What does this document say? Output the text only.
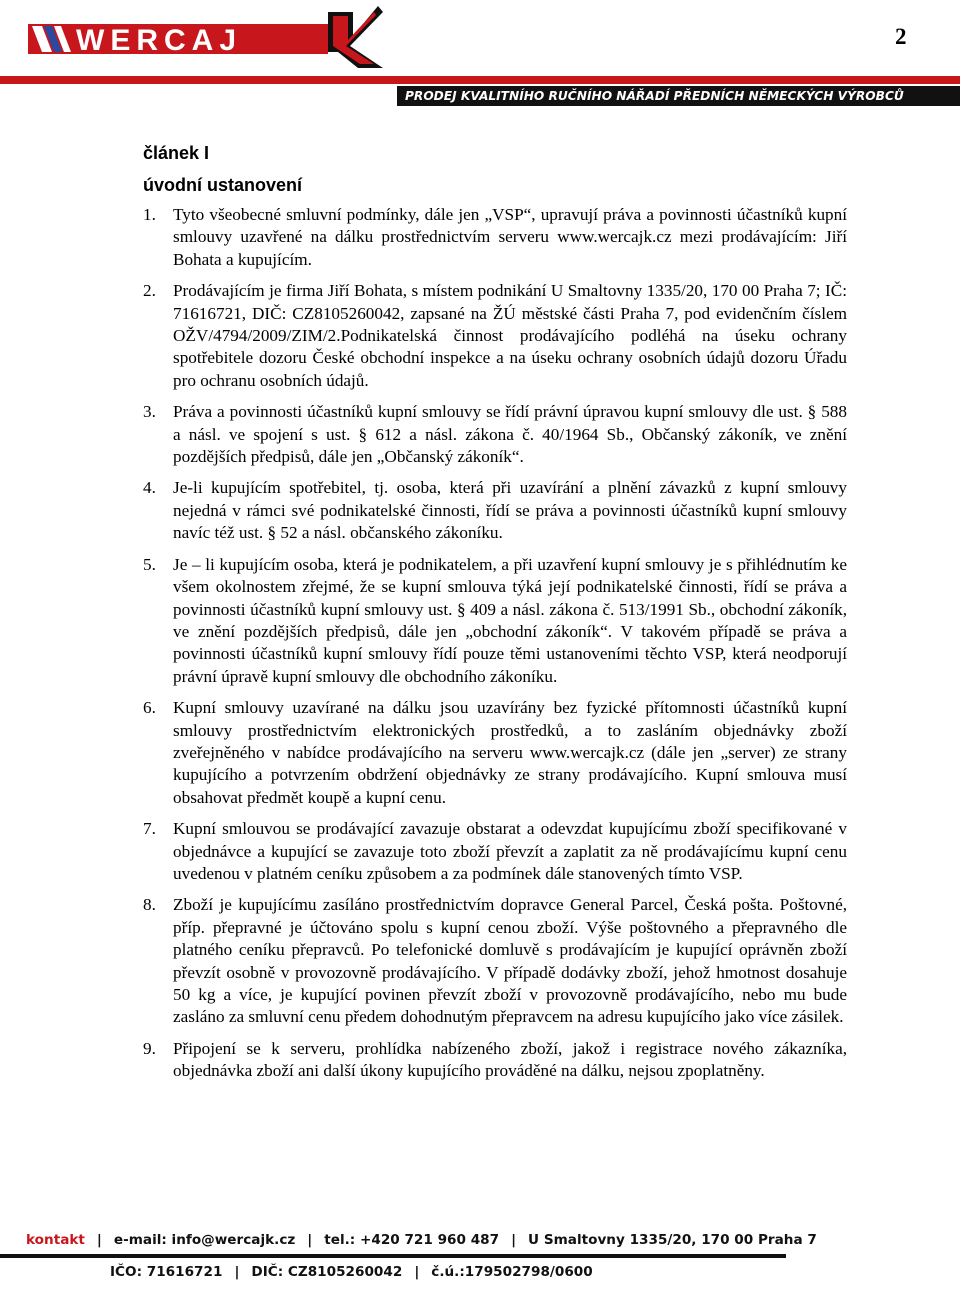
WERCAJ	2
PRODEJ KVALITNÍHO RUČNÍHO NÁŘADÍ PŘEDNÍCH NĚMECKÝCH VÝROBCŮ
článek I
úvodní ustanovení
1. Tyto všeobecné smluvní podmínky, dále jen „VSP“, upravují práva a povinnosti účastníků kupní smlouvy uzavřené na dálku prostřednictvím serveru www.wercajk.cz mezi prodávajícím: Jiří Bohata a kupujícím.
2. Prodávajícím je firma Jiří Bohata, s místem podnikání U Smaltovny 1335/20, 170 00 Praha 7; IČ: 71616721, DIČ: CZ8105260042, zapsané na ŽÚ městské části Praha 7, pod evidenčním číslem OŽV/4794/2009/ZIM/2.Podnikatelská činnost prodávajícího podléhá na úseku ochrany spotřebitele dozoru České obchodní inspekce a na úseku ochrany osobních údajů dozoru Úřadu pro ochranu osobních údajů.
3. Práva a povinnosti účastníků kupní smlouvy se řídí právní úpravou kupní smlouvy dle ust. § 588 a násl. ve spojení s ust. § 612 a násl. zákona č. 40/1964 Sb., Občanský zákoník, ve znění pozdějších předpisů, dále jen „Občanský zákoník“.
4. Je-li kupujícím spotřebitel, tj. osoba, která při uzavírání a plnění závazků z kupní smlouvy nejedná v rámci své podnikatelské činnosti, řídí se práva a povinnosti účastníků kupní smlouvy navíc též ust. § 52 a násl. občanského zákoníku.
5. Je – li kupujícím osoba, která je podnikatelem, a při uzavření kupní smlouvy je s přihlédnutím ke všem okolnostem zřejmé, že se kupní smlouva týká její podnikatelské činnosti, řídí se práva a povinnosti účastníků kupní smlouvy ust. § 409 a násl. zákona č. 513/1991 Sb., obchodní zákoník, ve znění pozdějších předpisů, dále jen „obchodní zákoník“. V takovém případě se práva a povinnosti účastníků kupní smlouvy řídí pouze těmi ustanoveními těchto VSP, která neodporují právní úpravě kupní smlouvy dle obchodního zákoníku.
6. Kupní smlouvy uzavírané na dálku jsou uzavírány bez fyzické přítomnosti účastníků kupní smlouvy prostřednictvím elektronických prostředků, a to zasláním objednávky zboží zveřejněného v nabídce prodávajícího na serveru www.wercajk.cz (dále jen „server) ze strany kupujícího a potvrzením obdržení objednávky ze strany prodávajícího. Kupní smlouva musí obsahovat předmět koupě a kupní cenu.
7. Kupní smlouvou se prodávající zavazuje obstarat a odevzdat kupujícímu zboží specifikované v objednávce a kupující se zavazuje toto zboží převzít a zaplatit za ně prodávajícímu kupní cenu uvedenou v platném ceníku způsobem a za podmínek dále stanovených tímto VSP.
8. Zboží je kupujícímu zasíláno prostřednictvím dopravce General Parcel, Česká pošta. Poštovné, příp. přepravné je účtováno spolu s kupní cenou zboží. Výše poštovného a přepravného dle platného ceníku přepravců. Po telefonické domluvě s prodávajícím je kupující oprávněn zboží převzít osobně v provozovně prodávajícího. V případě dodávky zboží, jehož hmotnost dosahuje 50 kg a více, je kupující povinen převzít zboží v provozovně prodávajícího, nebo mu bude zasláno za smluvní cenu předem dohodnutým přepravcem na adresu kupujícího jako více zásilek.
9. Připojení se k serveru, prohlídka nabízeného zboží, jakož i registrace nového zákazníka, objednávka zboží ani další úkony kupujícího prováděné na dálku, nejsou zpoplatněny.
kontakt | e-mail: info@wercajk.cz | tel.: +420 721 960 487 | U Smaltovny 1335/20, 170 00 Praha 7
IČO: 71616721 | DIČ: CZ8105260042 | č.ú.:179502798/0600
